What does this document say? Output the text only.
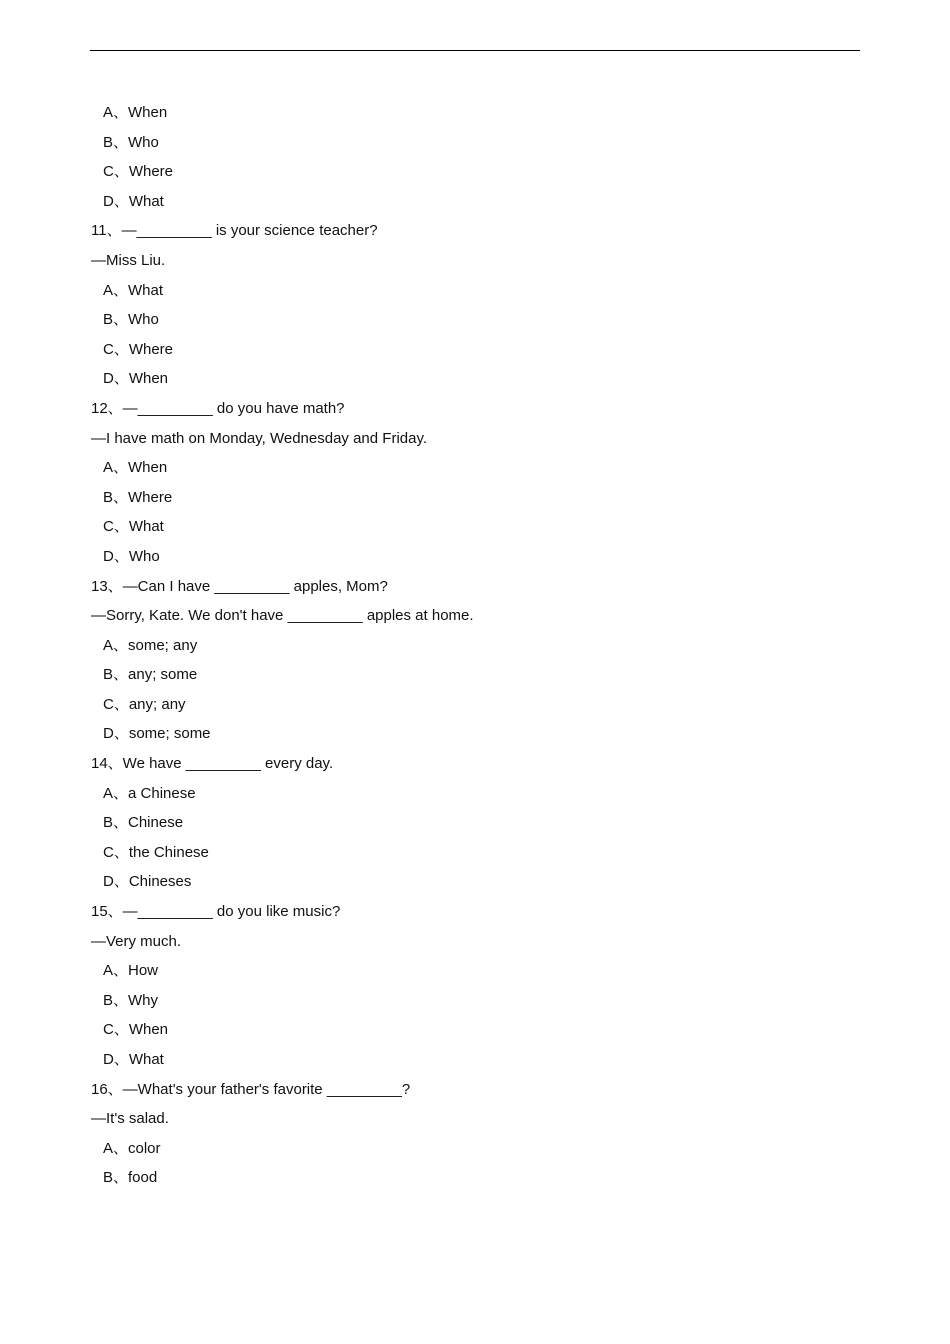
A、When
B、Who
C、Where
D、What
11、—_________ is your science teacher?
—Miss Liu.
A、What
B、Who
C、Where
D、When
12、—_________ do you have math?
—I have math on Monday, Wednesday and Friday.
A、When
B、Where
C、What
D、Who
13、—Can I have _________ apples, Mom?
—Sorry, Kate. We don't have _________ apples at home.
A、some; any
B、any; some
C、any; any
D、some; some
14、We have _________ every day.
A、a Chinese
B、Chinese
C、the Chinese
D、Chineses
15、—_________ do you like music?
—Very much.
A、How
B、Why
C、When
D、What
16、—What's your father's favorite _________?
—It's salad.
A、color
B、food
